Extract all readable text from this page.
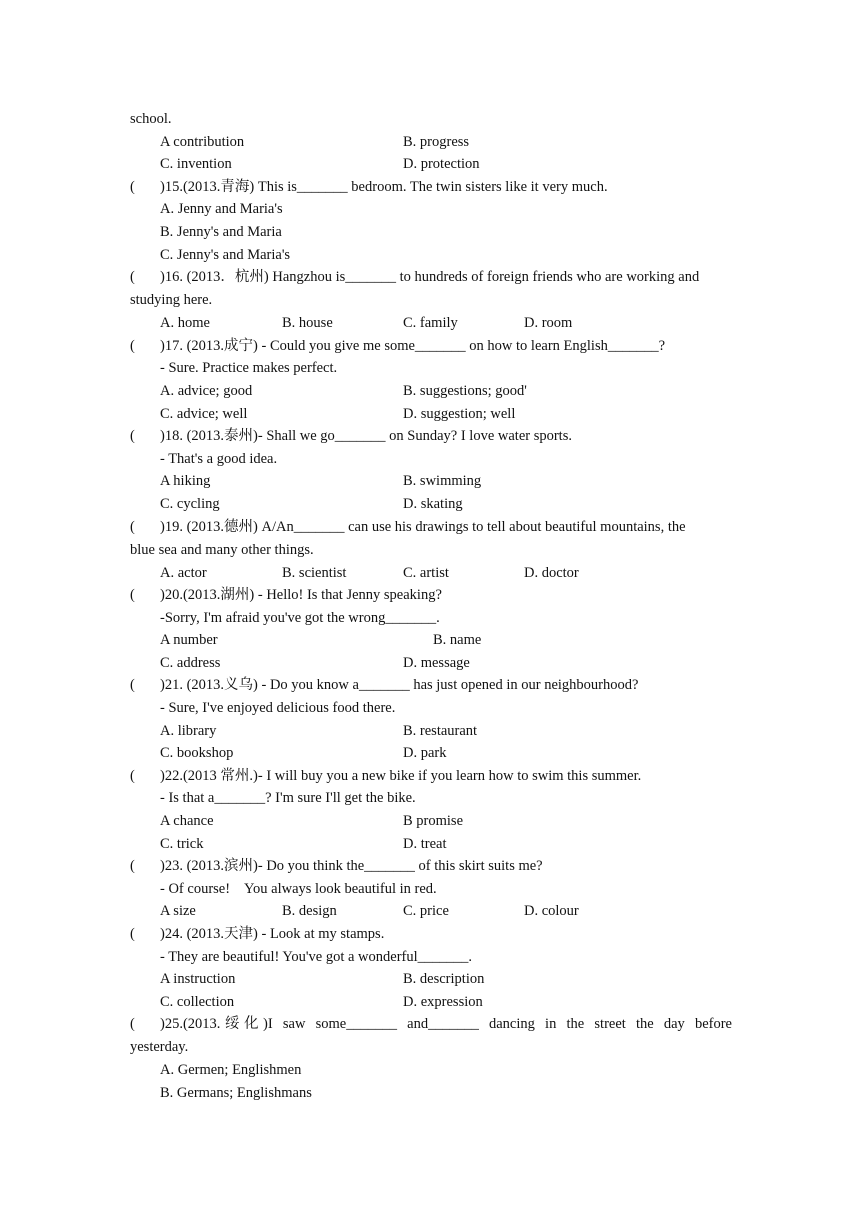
school.
A contribution	B. progress
C. invention	D. protection
( )15.(2013.青海) This is_______ bedroom. The twin sisters like it very much.
A. Jenny and Maria's
B. Jenny's and Maria
C. Jenny's and Maria's
( )16. (2013．杭州) Hangzhou is_______ to hundreds of foreign friends who are working and
studying here.
A. home	B. house	C. family	D. room
( )17. (2013.成宁) - Could you give me some_______ on how to learn English_______?
- Sure. Practice makes perfect.
A. advice; good	B. suggestions; good'
C. advice; well	D. suggestion; well
( )18. (2013.泰州)- Shall we go_______ on Sunday? I love water sports.
- That's a good idea.
A hiking	B. swimming
C. cycling	D. skating
( )19. (2013.德州) A/An_______ can use his drawings to tell about beautiful mountains, the
blue sea and many other things.
A. actor	B. scientist	C. artist	D. doctor
( )20.(2013.湖州) - Hello! Is that Jenny speaking?
-Sorry, I'm afraid you've got the wrong_______.
A number	B. name
C. address	D. message
( )21. (2013.义乌) - Do you know a_______ has just opened in our neighbourhood?
- Sure, I've enjoyed delicious food there.
A. library	B. restaurant
C. bookshop	D. park
( )22.(2013 常州.)- I will buy you a new bike if you learn how to swim this summer.
- Is that a_______? I'm sure I'll get the bike.
A chance	B promise
C. trick	D. treat
( )23. (2013.滨州)- Do you think the_______ of this skirt suits me?
- Of course!    You always look beautiful in red.
A size	B. design	C. price	D. colour
( )24. (2013.天津) - Look at my stamps.
- They are beautiful! You've got a wonderful_______.
A instruction	B. description
C. collection	D. expression
( )25.(2013.绥化)I saw some_______ and_______ dancing in the street the day before
yesterday.
A. Germen; Englishmen
B. Germans; Englishmans
